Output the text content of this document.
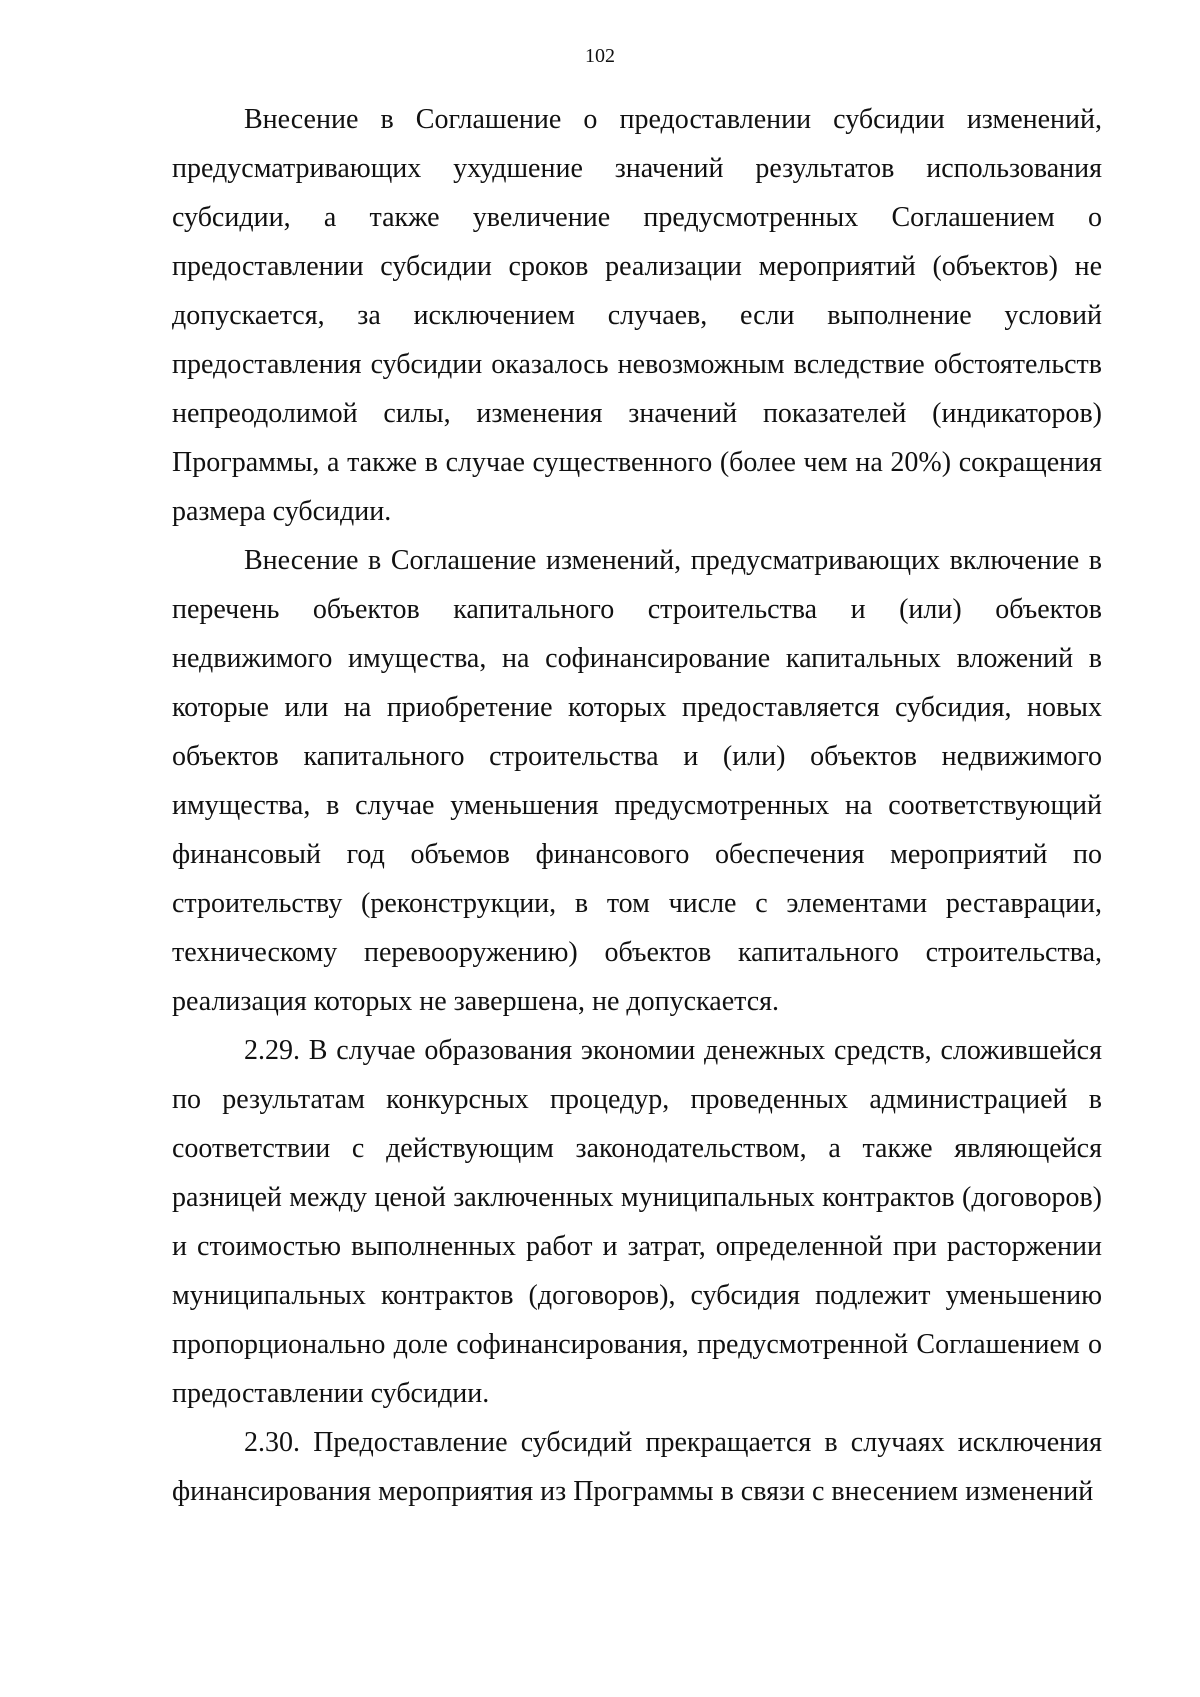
102

Внесение в Соглашение о предоставлении субсидии изменений, предусматривающих ухудшение значений результатов использования субсидии, а также увеличение предусмотренных Соглашением о предоставлении субсидии сроков реализации мероприятий (объектов) не допускается, за исключением случаев, если выполнение условий предоставления субсидии оказалось невозможным вследствие обстоятельств непреодолимой силы, изменения значений показателей (индикаторов) Программы, а также в случае существенного (более чем на 20%) сокращения размера субсидии.

Внесение в Соглашение изменений, предусматривающих включение в перечень объектов капитального строительства и (или) объектов недвижимого имущества, на софинансирование капитальных вложений в которые или на приобретение которых предоставляется субсидия, новых объектов капитального строительства и (или) объектов недвижимого имущества, в случае уменьшения предусмотренных на соответствующий финансовый год объемов финансового обеспечения мероприятий по строительству (реконструкции, в том числе с элементами реставрации, техническому перевооружению) объектов капитального строительства, реализация которых не завершена, не допускается.

2.29. В случае образования экономии денежных средств, сложившейся по результатам конкурсных процедур, проведенных администрацией в соответствии с действующим законодательством, а также являющейся разницей между ценой заключенных муниципальных контрактов (договоров) и стоимостью выполненных работ и затрат, определенной при расторжении муниципальных контрактов (договоров), субсидия подлежит уменьшению пропорционально доле софинансирования, предусмотренной Соглашением о предоставлении субсидии.

2.30. Предоставление субсидий прекращается в случаях исключения финансирования мероприятия из Программы в связи с внесением изменений
